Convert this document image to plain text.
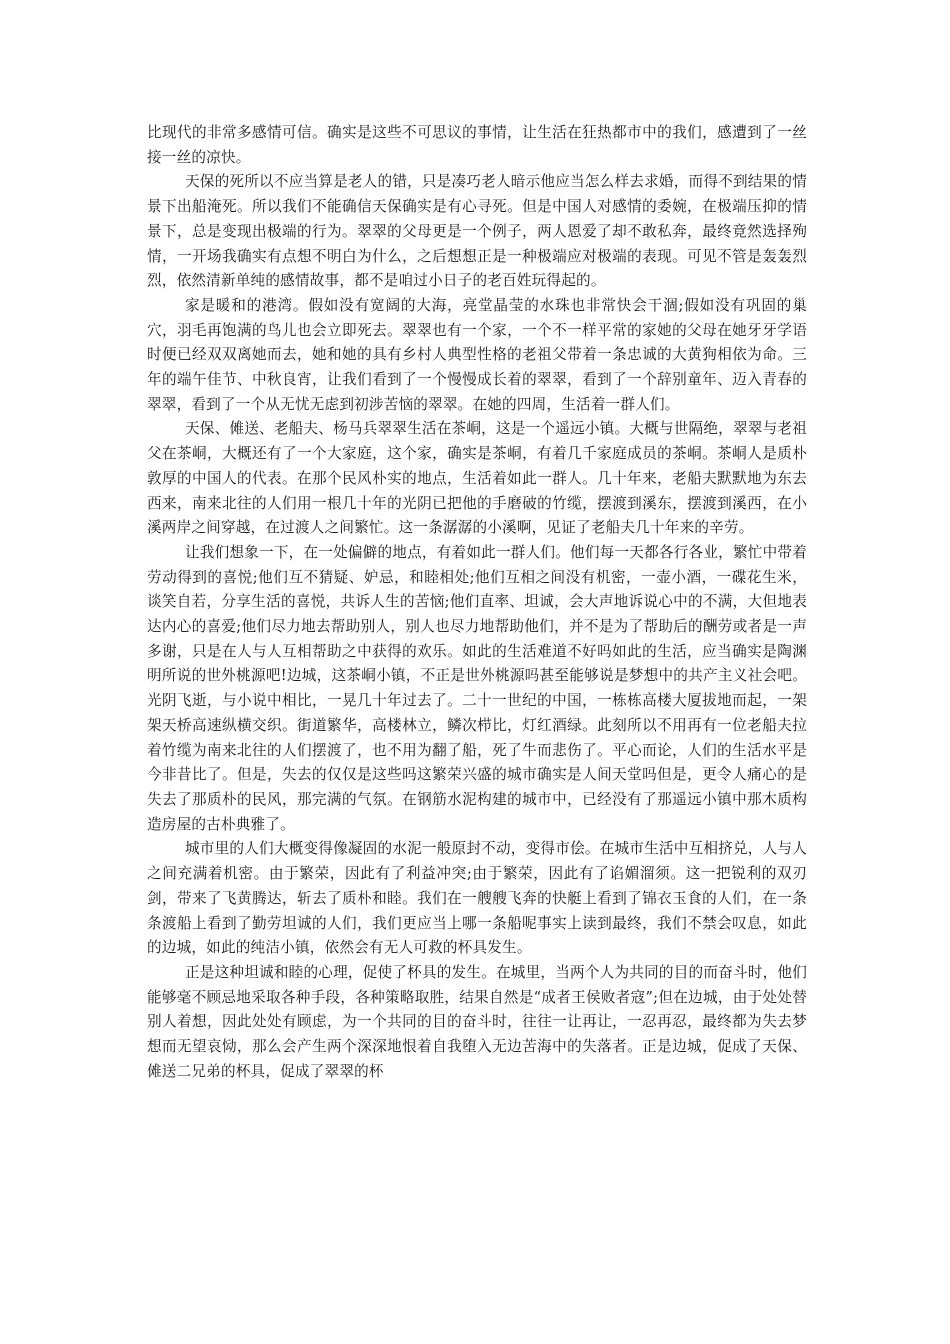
比现代的非常多感情可信。确实是这些不可思议的事情，让生活在狂热都市中的我们，感遭到了一丝接一丝的凉快。

天保的死所以不应当算是老人的错，只是凑巧老人暗示他应当怎么样去求婚，而得不到结果的情景下出船淹死。所以我们不能确信天保确实是有心寻死。但是中国人对感情的委婉，在极端压抑的情景下，总是变现出极端的行为。翠翠的父母更是一个例子，两人恩爱了却不敢私奔，最终竟然选择殉情，一开场我确实有点想不明白为什么，之后想想正是一种极端应对极端的表现。可见不管是轰轰烈烈，依然清新单纯的感情故事，都不是咱过小日子的老百姓玩得起的。

家是暖和的港湾。假如没有宽阔的大海，亮堂晶莹的水珠也非常快会干涸;假如没有巩固的巢穴，羽毛再饱满的鸟儿也会立即死去。翠翠也有一个家，一个不一样平常的家她的父母在她牙牙学语时便已经双双离她而去，她和她的具有乡村人典型性格的老祖父带着一条忠诚的大黄狗相依为命。三年的端午佳节、中秋良宵，让我们看到了一个慢慢成长着的翠翠，看到了一个辞别童年、迈入青春的翠翠，看到了一个从无忧无虑到初涉苦恼的翠翠。在她的四周，生活着一群人们。

天保、傩送、老船夫、杨马兵翠翠生活在茶峒，这是一个遥远小镇。大概与世隔绝，翠翠与老祖父在茶峒，大概还有了一个大家庭，这个家，确实是茶峒，有着几千家庭成员的茶峒。茶峒人是质朴敦厚的中国人的代表。在那个民风朴实的地点，生活着如此一群人。几十年来，老船夫默默地为东去西来，南来北往的人们用一根几十年的光阴已把他的手磨破的竹缆，摆渡到溪东，摆渡到溪西，在小溪两岸之间穿越，在过渡人之间繁忙。这一条潺潺的小溪啊，见证了老船夫几十年来的辛劳。

让我们想象一下，在一处偏僻的地点，有着如此一群人们。他们每一天都各行各业，繁忙中带着劳动得到的喜悦;他们互不猜疑、妒忌，和睦相处;他们互相之间没有机密，一壶小酒，一碟花生米，谈笑自若，分享生活的喜悦，共诉人生的苦恼;他们直率、坦诚，会大声地诉说心中的不满，大但地表达内心的喜爱;他们尽力地去帮助别人，别人也尽力地帮助他们，并不是为了帮助后的酬劳或者是一声多谢，只是在人与人互相帮助之中获得的欢乐。如此的生活难道不好吗如此的生活，应当确实是陶渊明所说的世外桃源吧!边城，这茶峒小镇，不正是世外桃源吗甚至能够说是梦想中的共产主义社会吧。光阴飞逝，与小说中相比，一晃几十年过去了。二十一世纪的中国，一栋栋高楼大厦拔地而起，一架架天桥高速纵横交织。街道繁华，高楼林立，鳞次栉比，灯红酒绿。此刻所以不用再有一位老船夫拉着竹缆为南来北往的人们摆渡了，也不用为翻了船，死了牛而悲伤了。平心而论，人们的生活水平是今非昔比了。但是，失去的仅仅是这些吗这繁荣兴盛的城市确实是人间天堂吗但是，更令人痛心的是失去了那质朴的民风，那完满的气氛。在钢筋水泥构建的城市中，已经没有了那遥远小镇中那木质构造房屋的古朴典雅了。

城市里的人们大概变得像凝固的水泥一般原封不动，变得市侩。在城市生活中互相挤兑，人与人之间充满着机密。由于繁荣，因此有了利益冲突;由于繁荣，因此有了谄媚溜须。这一把锐利的双刃剑，带来了飞黄腾达，斩去了质朴和睦。我们在一艘艘飞奔的快艇上看到了锦衣玉食的人们，在一条条渡船上看到了勤劳坦诚的人们，我们更应当上哪一条船呢事实上读到最终，我们不禁会叹息，如此的边城，如此的纯洁小镇，依然会有无人可救的杯具发生。

正是这种坦诚和睦的心理，促使了杯具的发生。在城里，当两个人为共同的目的而奋斗时，他们能够毫不顾忌地采取各种手段，各种策略取胜，结果自然是“成者王侯败者寇”;但在边城，由于处处替别人着想，因此处处有顾虑，为一个共同的目的奋斗时，往往一让再让，一忍再忍，最终都为失去梦想而无望哀恸，那么会产生两个深深地恨着自我堕入无边苦海中的失落者。正是边城，促成了天保、傩送二兄弟的杯具，促成了翠翠的杯
